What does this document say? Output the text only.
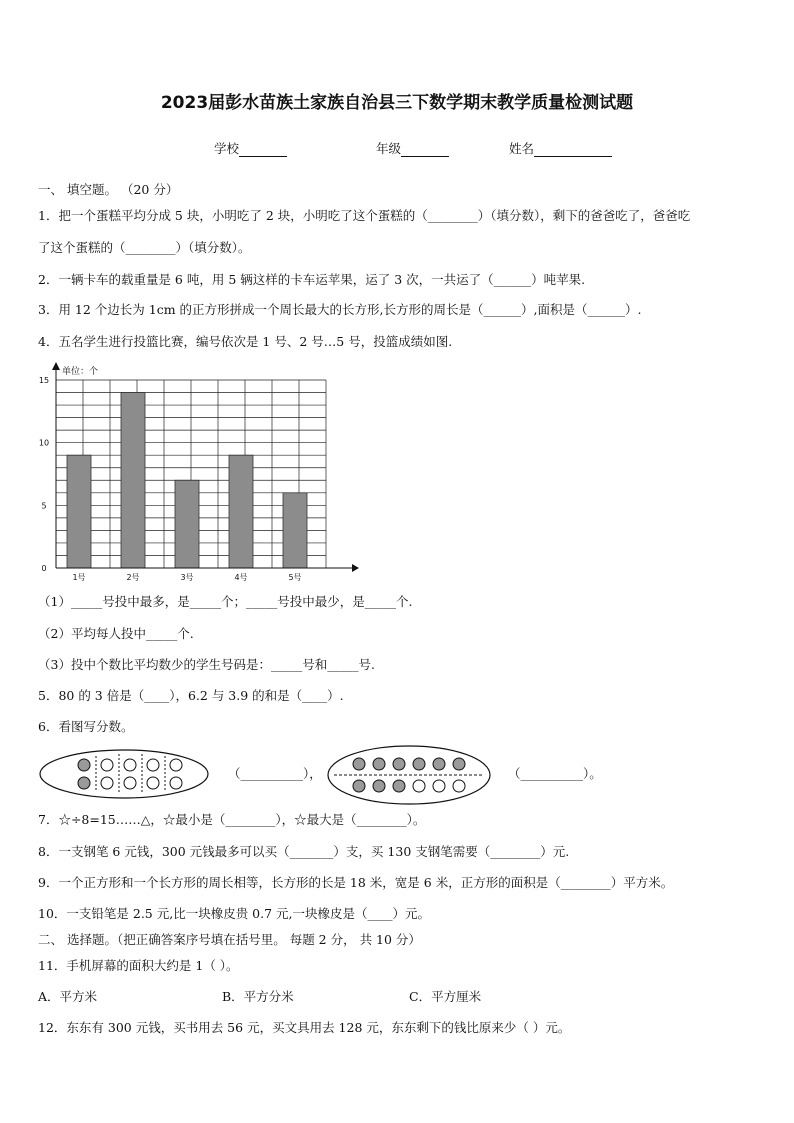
2023届彭水苗族土家族自治县三下数学期末教学质量检测试题
学校	年级	姓名
一、 填空题。 （20 分）
1．把一个蛋糕平均分成 5 块，小明吃了 2 块，小明吃了这个蛋糕的（________）（填分数），剩下的爸爸吃了，爸爸吃
了这个蛋糕的（________）（填分数）。
2．一辆卡车的载重量是 6 吨，用 5 辆这样的卡车运苹果，运了 3 次，一共运了（______）吨苹果.
3．用 12 个边长为 1cm 的正方形拼成一个周长最大的长方形,长方形的周长是（______）,面积是（______）.
4．五名学生进行投篮比赛，编号依次是 1 号、2 号…5 号，投篮成绩如图.
1号	2号	3号	4号	5号
0
5
10
15
单位：个
（1）_____号投中最多，是_____个；_____号投中最少，是_____个.
（2）平均每人投中_____个.
（3）投中个数比平均数少的学生号码是：_____号和_____号.
5．80 的 3 倍是（____），6.2 与 3.9 的和是（____）.
6．看图写分数。
（__________），	（__________）。
7．☆÷8=15……△，☆最小是（________），☆最大是（________）。
8．一支钢笔 6 元钱，300 元钱最多可以买（_______）支，买 130 支钢笔需要（________）元.
9．一个正方形和一个长方形的周长相等，长方形的长是 18 米，宽是 6 米，正方形的面积是（________）平方米。
10．一支铅笔是 2.5 元,比一块橡皮贵 0.7 元,一块橡皮是（____）元。
二、 选择题。（把正确答案序号填在括号里。 每题 2 分， 共 10 分）
11．手机屏幕的面积大约是 1（ ）。
A．平方米	B．平方分米	C．平方厘米
12．东东有 300 元钱，买书用去 56 元，买文具用去 128 元，东东剩下的钱比原来少（ ）元。
